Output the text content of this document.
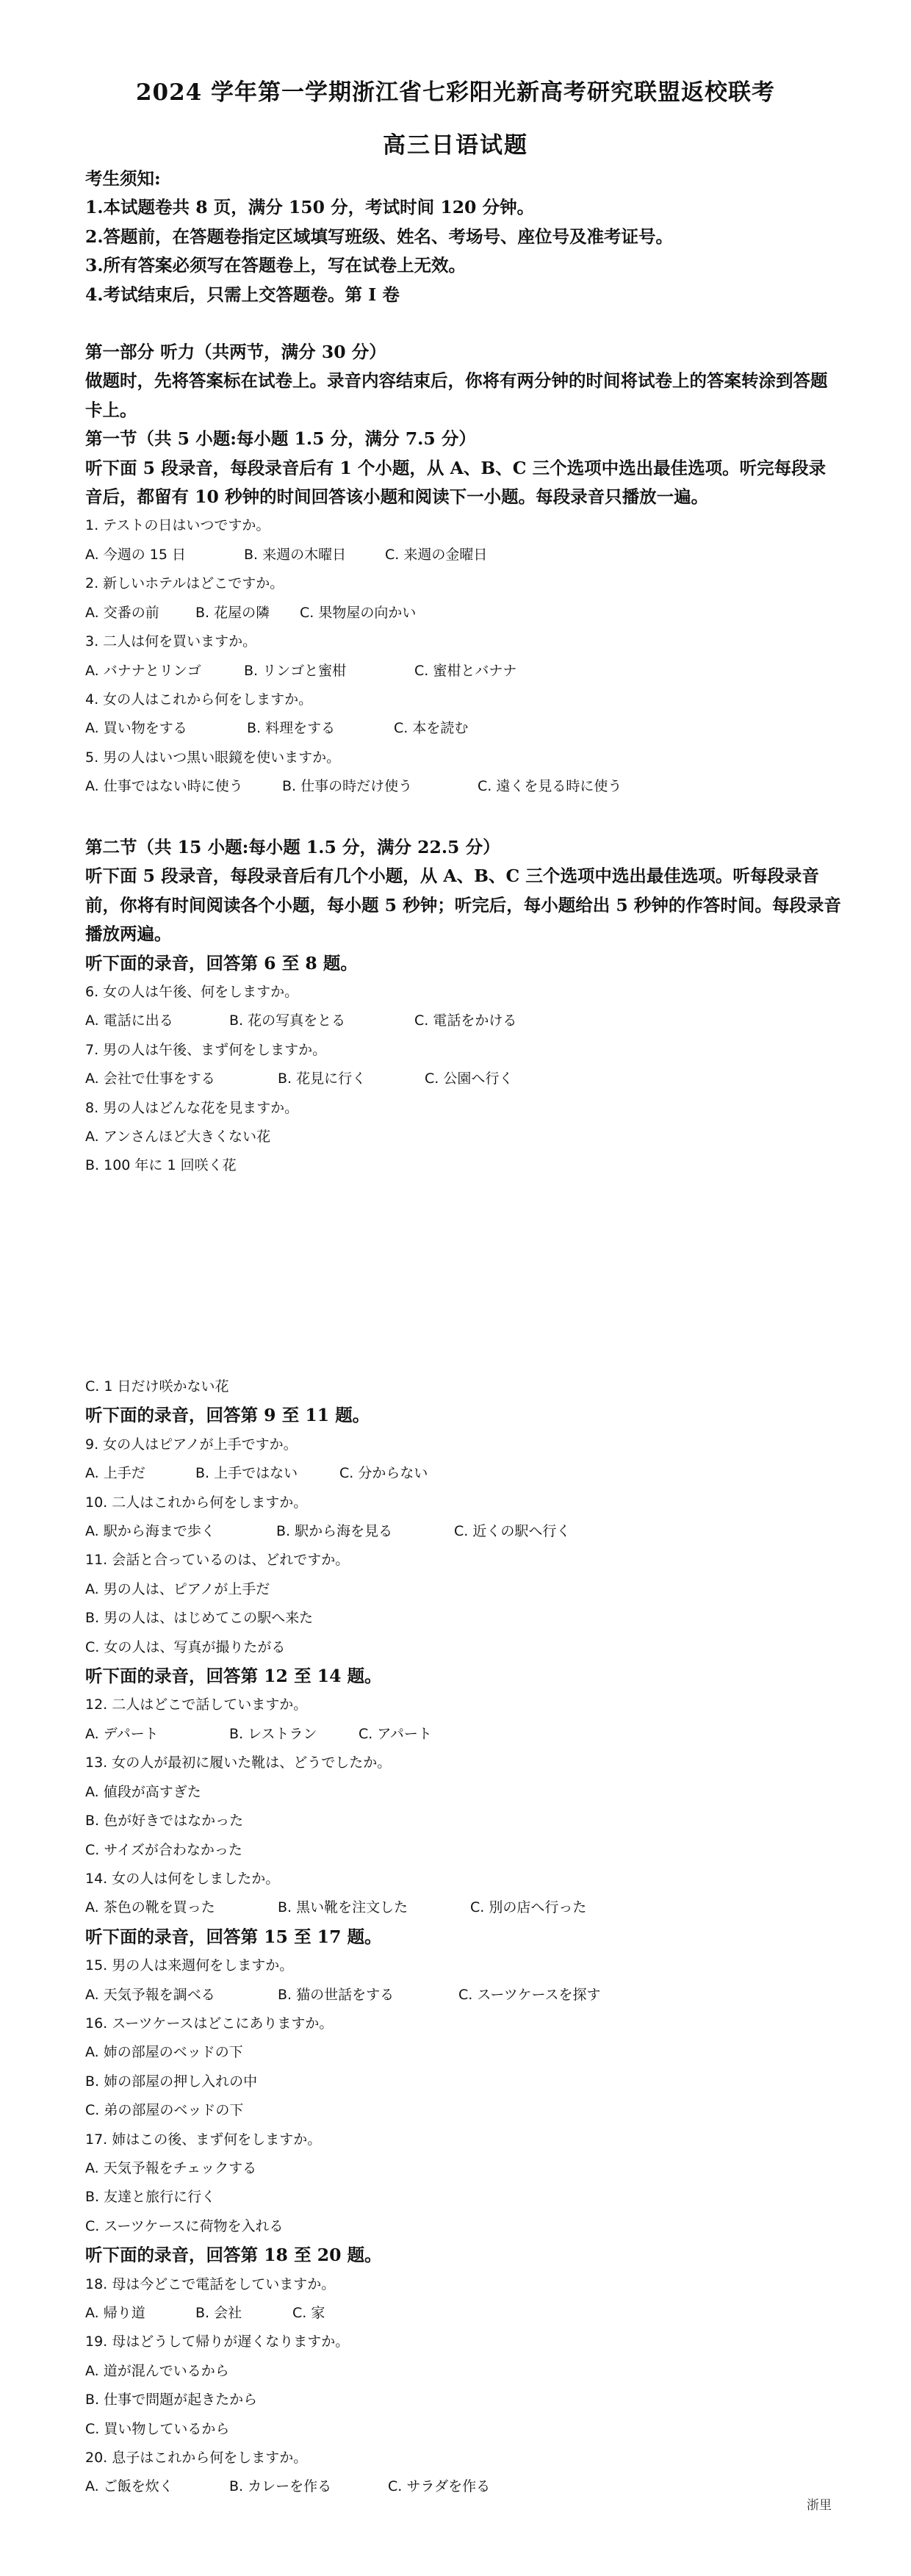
2024 学年第一学期浙江省七彩阳光新高考研究联盟返校联考
高三日语试题
考生须知:
1.本试题卷共 8 页，满分 150 分，考试时间 120 分钟。
2.答题前，在答题卷指定区域填写班级、姓名、考场号、座位号及准考证号。
3.所有答案必须写在答题卷上，写在试卷上无效。
4.考试结束后，只需上交答题卷。第 I 卷
第一部分 听力（共两节，满分 30 分）
做题时，先将答案标在试卷上。录音内容结束后，你将有两分钟的时间将试卷上的答案转涂到答题卡上。
第一节（共 5 小题:每小题 1.5 分，满分 7.5 分）
听下面 5 段录音，每段录音后有 1 个小题，从 A、B、C 三个选项中选出最佳选项。听完每段录音后，都留有 10 秒钟的时间回答该小题和阅读下一小题。每段录音只播放一遍。
1. テストの日はいつですか。
A. 今週の 15 日	B. 来週の木曜日	C. 来週の金曜日
2. 新しいホテルはどこですか。
A. 交番の前	B. 花屋の隣 C. 果物屋の向かい
3. 二人は何を買いますか。
A. バナナとリンゴ	B. リンゴと蜜柑	C. 蜜柑とバナナ
4. 女の人はこれから何をしますか。
A. 買い物をする	B. 料理をする	C. 本を読む
5. 男の人はいつ黒い眼鏡を使いますか。
A. 仕事ではない時に使う	B. 仕事の時だけ使う	C. 遠くを見る時に使う
第二节（共 15 小题:每小题 1.5 分，满分 22.5 分）
听下面 5 段录音，每段录音后有几个小题，从 A、B、C 三个选项中选出最佳选项。听每段录音前，你将有时间阅读各个小题，每小题 5 秒钟；听完后，每小题给出 5 秒钟的作答时间。每段录音播放两遍。
听下面的录音，回答第 6 至 8 题。
6. 女の人は午後、何をしますか。
A. 電話に出る	B. 花の写真をとる	C. 電話をかける
7. 男の人は午後、まず何をしますか。
A. 会社で仕事をする	B. 花見に行く	C. 公園へ行く
8. 男の人はどんな花を見ますか。
A. アンさんほど大きくない花
B. 100 年に 1 回咲く花
C. 1 日だけ咲かない花
听下面的录音，回答第 9 至 11 题。
9. 女の人はピアノが上手ですか。
A. 上手だ	B. 上手ではない	C. 分からない
10. 二人はこれから何をしますか。
A. 駅から海まで歩く	B. 駅から海を見る	C. 近くの駅へ行く
11. 会話と合っているのは、どれですか。
A. 男の人は、ピアノが上手だ
B. 男の人は、はじめてこの駅へ来た
C. 女の人は、写真が撮りたがる
听下面的录音，回答第 12 至 14 题。
12. 二人はどこで話していますか。
A. デパート	B. レストラン	C. アパート
13. 女の人が最初に履いた靴は、どうでしたか。
A. 値段が高すぎた
B. 色が好きではなかった
C. サイズが合わなかった
14. 女の人は何をしましたか。
A. 茶色の靴を買った	B. 黒い靴を注文した	C. 別の店へ行った
听下面的录音，回答第 15 至 17 题。
15. 男の人は来週何をしますか。
A. 天気予報を調べる	B. 猫の世話をする	C. スーツケースを探す
16. スーツケースはどこにありますか。
A. 姉の部屋のベッドの下
B. 姉の部屋の押し入れの中
C. 弟の部屋のベッドの下
17. 姉はこの後、まず何をしますか。
A. 天気予報をチェックする
B. 友達と旅行に行く
C. スーツケースに荷物を入れる
听下面的录音，回答第 18 至 20 题。
18. 母は今どこで電話をしていますか。
A. 帰り道	B. 会社	C. 家
19. 母はどうして帰りが遅くなりますか。
A. 道が混んでいるから
B. 仕事で問題が起きたから
C. 買い物しているから
20. 息子はこれから何をしますか。
A. ご飯を炊く	B. カレーを作る	C. サラダを作る
浙里
